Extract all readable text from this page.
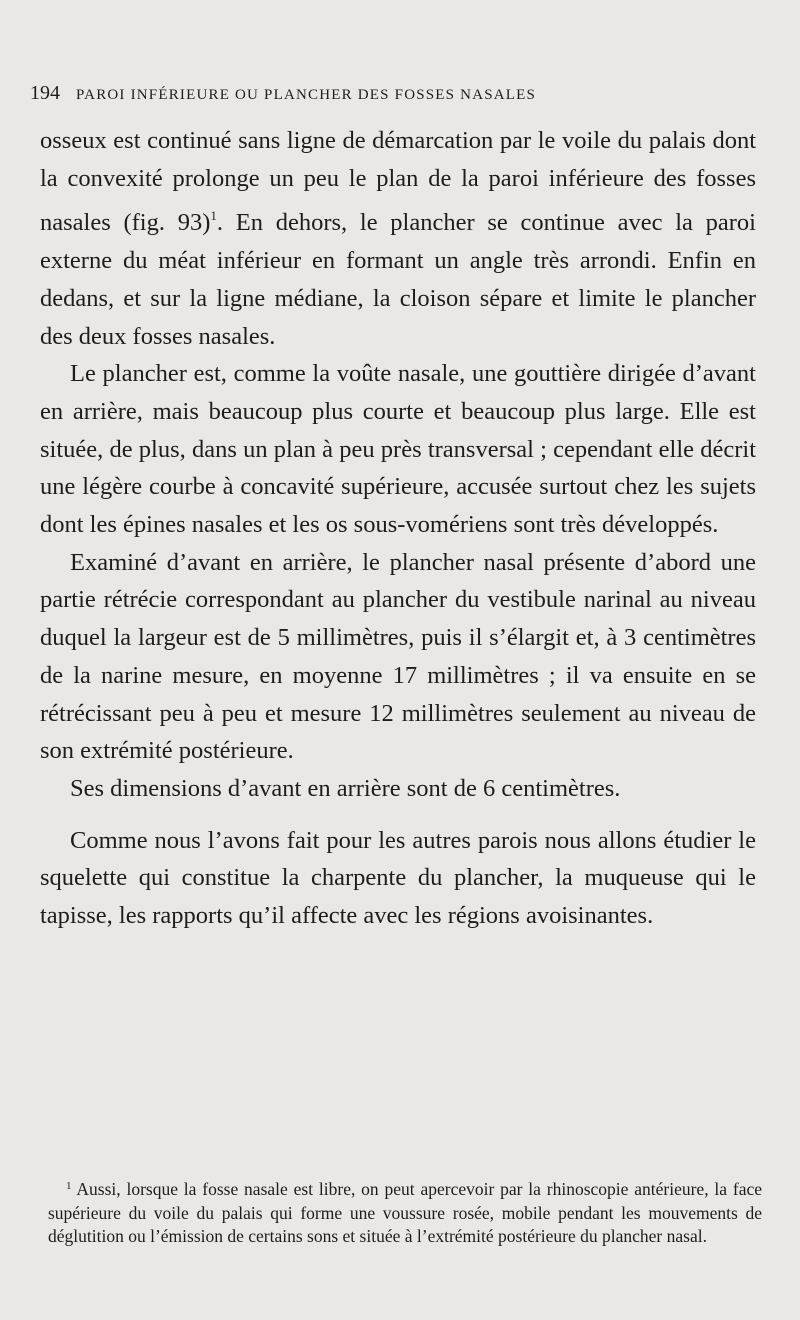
194 PAROI INFÉRIEURE OU PLANCHER DES FOSSES NASALES

osseux est continué sans ligne de démarcation par le voile du palais dont la convexité prolonge un peu le plan de la paroi inférieure des fosses nasales (fig. 93)$^1$. En dehors, le plancher se continue avec la paroi externe du méat inférieur en formant un angle très arrondi. Enfin en dedans, et sur la ligne médiane, la cloison sépare et limite le plancher des deux fosses nasales.

Le plancher est, comme la voûte nasale, une gouttière dirigée d’avant en arrière, mais beaucoup plus courte et beaucoup plus large. Elle est située, de plus, dans un plan à peu près transversal ; cependant elle décrit une légère courbe à concavité supérieure, accusée surtout chez les sujets dont les épines nasales et les os sous-vomériens sont très développés.

Examiné d’avant en arrière, le plancher nasal présente d’abord une partie rétrécie correspondant au plancher du vestibule narinal au niveau duquel la largeur est de 5 millimètres, puis il s’élargit et, à 3 centimètres de la narine mesure, en moyenne 17 millimètres ; il va ensuite en se rétrécissant peu à peu et mesure 12 millimètres seulement au niveau de son extrémité postérieure.

Ses dimensions d’avant en arrière sont de 6 centimètres.

Comme nous l’avons fait pour les autres parois nous allons étudier le squelette qui constitue la charpente du plancher, la muqueuse qui le tapisse, les rapports qu’il affecte avec les régions avoisinantes.

$^1$ Aussi, lorsque la fosse nasale est libre, on peut apercevoir par la rhinoscopie antérieure, la face supérieure du voile du palais qui forme une voussure rosée, mobile pendant les mouvements de déglutition ou l’émission de certains sons et située à l’extrémité postérieure du plancher nasal.
